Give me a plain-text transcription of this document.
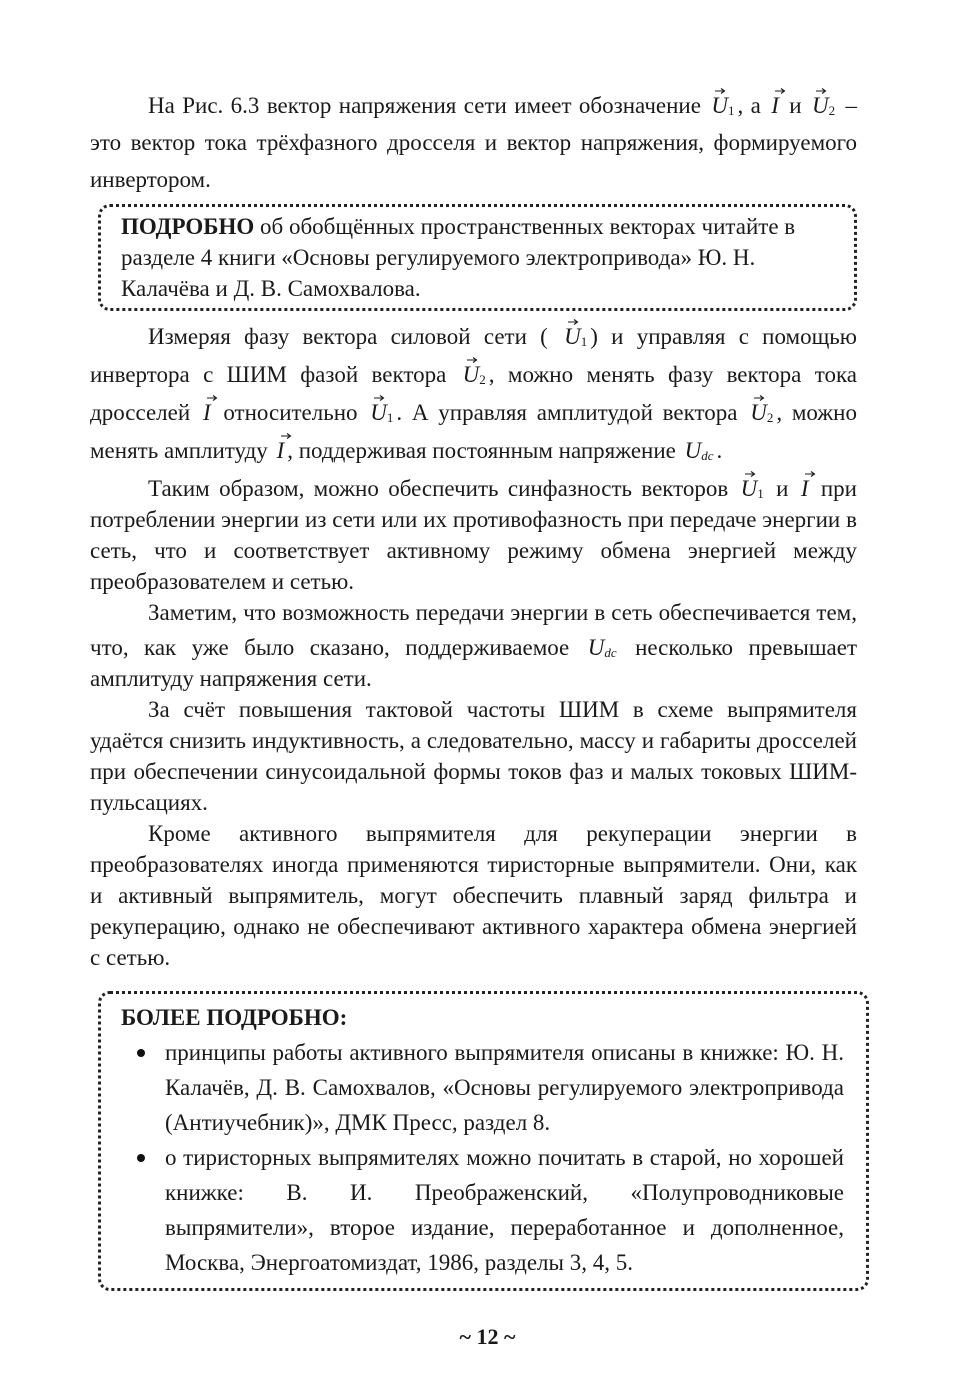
На Рис. 6.3 вектор напряжения сети имеет обозначение
$U_1$ , а
I и
$U_2$ – это вектор тока трёхфазного дросселя и вектор напряжения, формируемого инвертором.

ПОДРОБНО об обобщённых пространственных векторах читайте в разделе 4 книги «Основы регулируемого электропривода» Ю. Н. Калачёва и Д. В. Самохвалова.

Измеряя фазу вектора силовой сети (
$U_1$ ) и управляя с помощью инвертора с ШИМ фазой вектора
$U_2$ , можно менять фазу вектора тока дросселей
I относительно
$U_1$ . А управляя амплитудой вектора
$U_2$ , можно менять амплитуду
I , поддерживая постоянным напряжение $U_{dc}$ .

Таким образом, можно обеспечить синфазность векторов
$U_1$ и
I при потреблении энергии из сети или их противофазность при передаче энергии в сеть, что и соответствует активному режиму обмена энергией между преобразователем и сетью.

Заметим, что возможность передачи энергии в сеть обеспечивается тем, что, как уже было сказано, поддерживаемое $U_{dc}$ несколько превышает амплитуду напряжения сети.

За счёт повышения тактовой частоты ШИМ в схеме выпрямителя удаётся снизить индуктивность, а следовательно, массу и габариты дросселей при обеспечении синусоидальной формы токов фаз и малых токовых ШИМ- пульсациях.

Кроме активного выпрямителя для рекуперации энергии в преобразователях иногда применяются тиристорные выпрямители. Они, как и активный выпрямитель, могут обеспечить плавный заряд фильтра и рекуперацию, однако не обеспечивают активного характера обмена энергией с сетью.

БОЛЕЕ ПОДРОБНО:
принципы работы активного выпрямителя описаны в книжке: Ю. Н. Калачёв, Д. В. Самохвалов, «Основы регулируемого электропривода (Антиучебник)», ДМК Пресс, раздел 8.
о тиристорных выпрямителях можно почитать в старой, но хорошей книжке: В. И. Преображенский, «Полупроводниковые выпрямители», второе издание, переработанное и дополненное, Москва, Энергоатомиздат, 1986, разделы 3, 4, 5.
~ 12 ~
